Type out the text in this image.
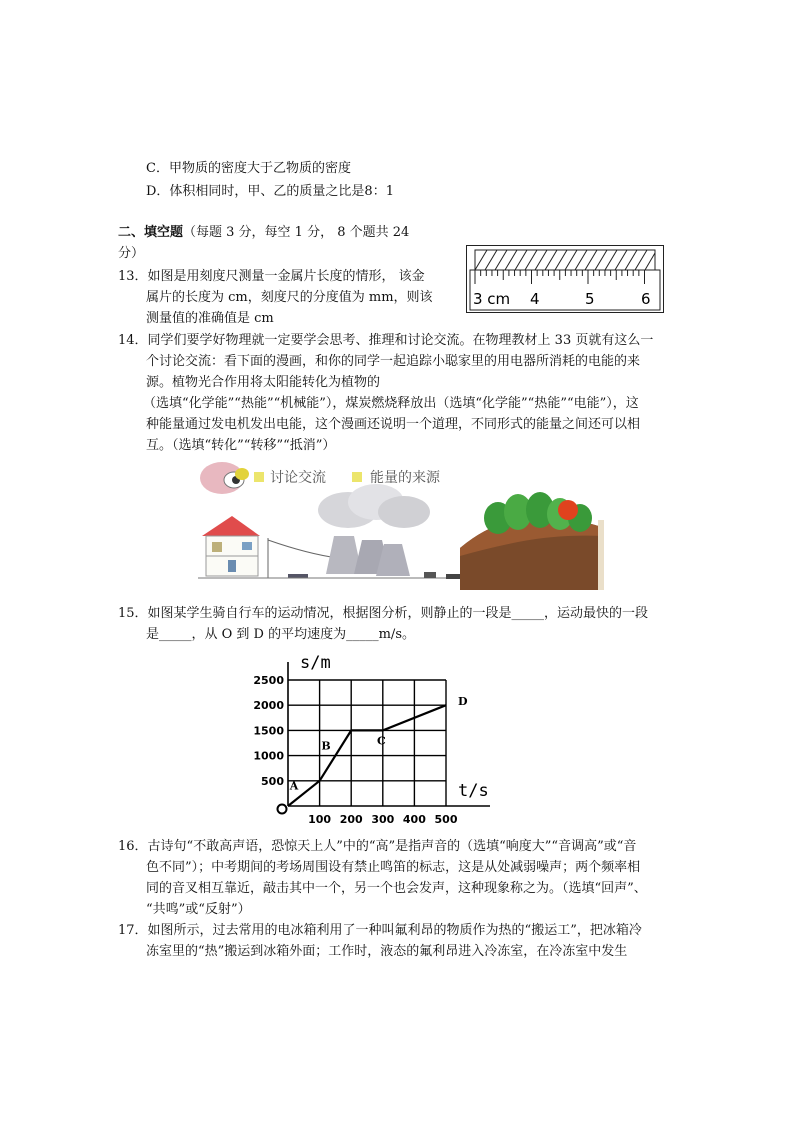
C．甲物质的密度大于乙物质的密度
D．体积相同时，甲、乙的质量之比是8：1
二、填空题（每题 3 分，每空 1 分， 8 个题共 24
分）
13．如图是用刻度尺测量一金属片长度的情形， 该金
属片的长度为 cm，刻度尺的分度值为 mm，则该
测量值的准确值是 cm
3 cm 4	5	6
14．同学们要学好物理就一定要学会思考、推理和讨论交流。在物理教材上 33 页就有这么一
个讨论交流：看下面的漫画，和你的同学一起追踪小聪家里的用电器所消耗的电能的来
源。植物光合作用将太阳能转化为植物的
（选填“化学能”“热能”“机械能”），煤炭燃烧释放出（选填“化学能”“热能”“电能”），这
种能量通过发电机发出电能，这个漫画还说明一个道理，不同形式的能量之间还可以相
互。（选填“转化”“转移”“抵消”）
讨论交流	能量的来源
15．如图某学生骑自行车的运动情况，根据图分析，则静止的一段是_____，运动最快的一段
是_____，从 O 到 D 的平均速度为_____m/s。
s/m
t/s
100 200 300 400 500
500
1000
1500
2000
2500
A
B	C
D
16．古诗句“不敢高声语，恐惊天上人”中的“高”是指声音的（选填“响度大”“音调高”或“音
色不同”）；中考期间的考场周围设有禁止鸣笛的标志，这是从处减弱噪声；两个频率相
同的音叉相互靠近，敲击其中一个，另一个也会发声，这种现象称之为。（选填“回声”、
“共鸣”或“反射”）
17．如图所示，过去常用的电冰箱利用了一种叫氟利昂的物质作为热的“搬运工”，把冰箱冷
冻室里的“热”搬运到冰箱外面；工作时，液态的氟利昂进入冷冻室，在冷冻室中发生
